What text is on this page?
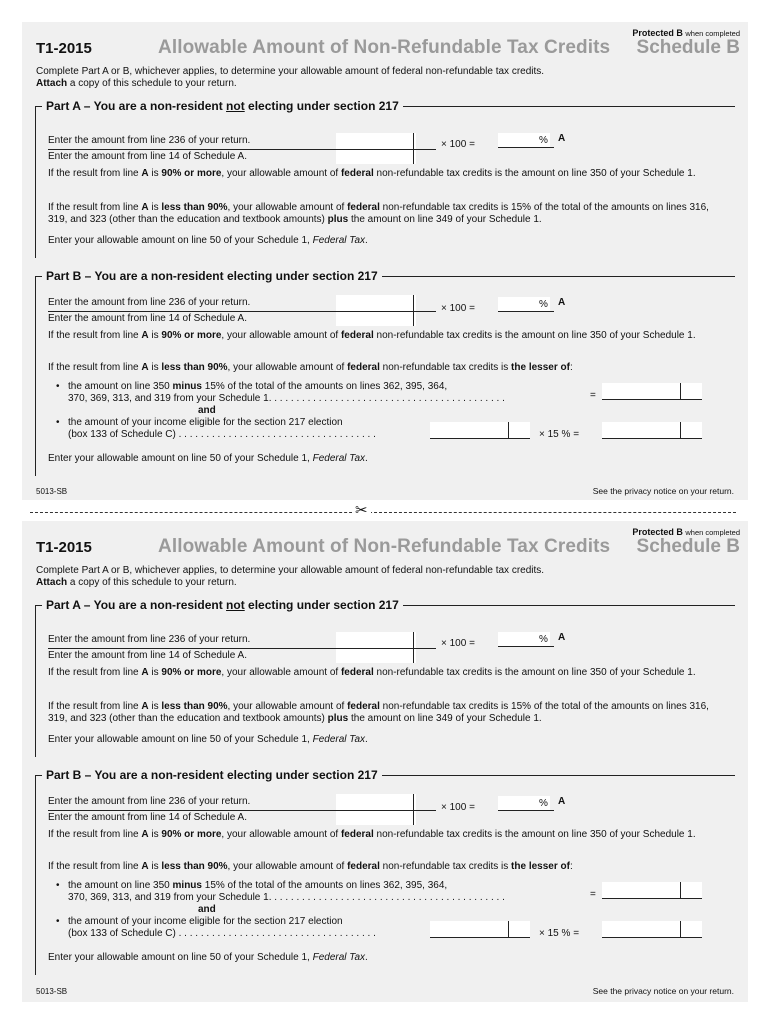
Protected B when completed
T1-2015	Allowable Amount of Non-Refundable Tax Credits Schedule B
Complete Part A or B, whichever applies, to determine your allowable amount of federal non-refundable tax credits.
Attach a copy of this schedule to your return.
Part A – You are a non-resident not electing under section 217
Enter the amount from line 236 of your return.
Enter the amount from line 14 of Schedule A.
× 100 =	% A
If the result from line A is 90% or more, your allowable amount of federal non-refundable tax credits is the amount on line 350 of your Schedule 1.
If the result from line A is less than 90%, your allowable amount of federal non-refundable tax credits is 15% of the total of the amounts on lines 316, 319, and 323 (other than the education and textbook amounts) plus the amount on line 349 of your Schedule 1.
Enter your allowable amount on line 50 of your Schedule 1, Federal Tax.
Part B – You are a non-resident electing under section 217
Enter the amount from line 236 of your return.
Enter the amount from line 14 of Schedule A.
× 100 =	% A
If the result from line A is 90% or more, your allowable amount of federal non-refundable tax credits is the amount on line 350 of your Schedule 1.
If the result from line A is less than 90%, your allowable amount of federal non-refundable tax credits is the lesser of:
• the amount on line 350 minus 15% of the total of the amounts on lines 362, 395, 364,
370, 369, 313, and 319 from your Schedule 1. . . . . . . . . . . . . . . . . . . . . . . . . . . . . . . . . . . . . . . . . . .	=
and
• the amount of your income eligible for the section 217 election
(box 133 of Schedule C) . . . . . . . . . . . . . . . . . . . . . . . . . . . . . . . . . . . .	× 15 % =
Enter your allowable amount on line 50 of your Schedule 1, Federal Tax.
5013-SB	See the privacy notice on your return.
✂
Protected B when completed
T1-2015	Allowable Amount of Non-Refundable Tax Credits Schedule B
Complete Part A or B, whichever applies, to determine your allowable amount of federal non-refundable tax credits.
Attach a copy of this schedule to your return.
Part A – You are a non-resident not electing under section 217
Enter the amount from line 236 of your return.
Enter the amount from line 14 of Schedule A.
× 100 =	% A
If the result from line A is 90% or more, your allowable amount of federal non-refundable tax credits is the amount on line 350 of your Schedule 1.
If the result from line A is less than 90%, your allowable amount of federal non-refundable tax credits is 15% of the total of the amounts on lines 316, 319, and 323 (other than the education and textbook amounts) plus the amount on line 349 of your Schedule 1.
Enter your allowable amount on line 50 of your Schedule 1, Federal Tax.
Part B – You are a non-resident electing under section 217
Enter the amount from line 236 of your return.
Enter the amount from line 14 of Schedule A.
× 100 =	% A
If the result from line A is 90% or more, your allowable amount of federal non-refundable tax credits is the amount on line 350 of your Schedule 1.
If the result from line A is less than 90%, your allowable amount of federal non-refundable tax credits is the lesser of:
• the amount on line 350 minus 15% of the total of the amounts on lines 362, 395, 364,
370, 369, 313, and 319 from your Schedule 1. . . . . . . . . . . . . . . . . . . . . . . . . . . . . . . . . . . . . . . . . . .	=
and
• the amount of your income eligible for the section 217 election
(box 133 of Schedule C) . . . . . . . . . . . . . . . . . . . . . . . . . . . . . . . . . . . .	× 15 % =
Enter your allowable amount on line 50 of your Schedule 1, Federal Tax.
5013-SB	See the privacy notice on your return.
